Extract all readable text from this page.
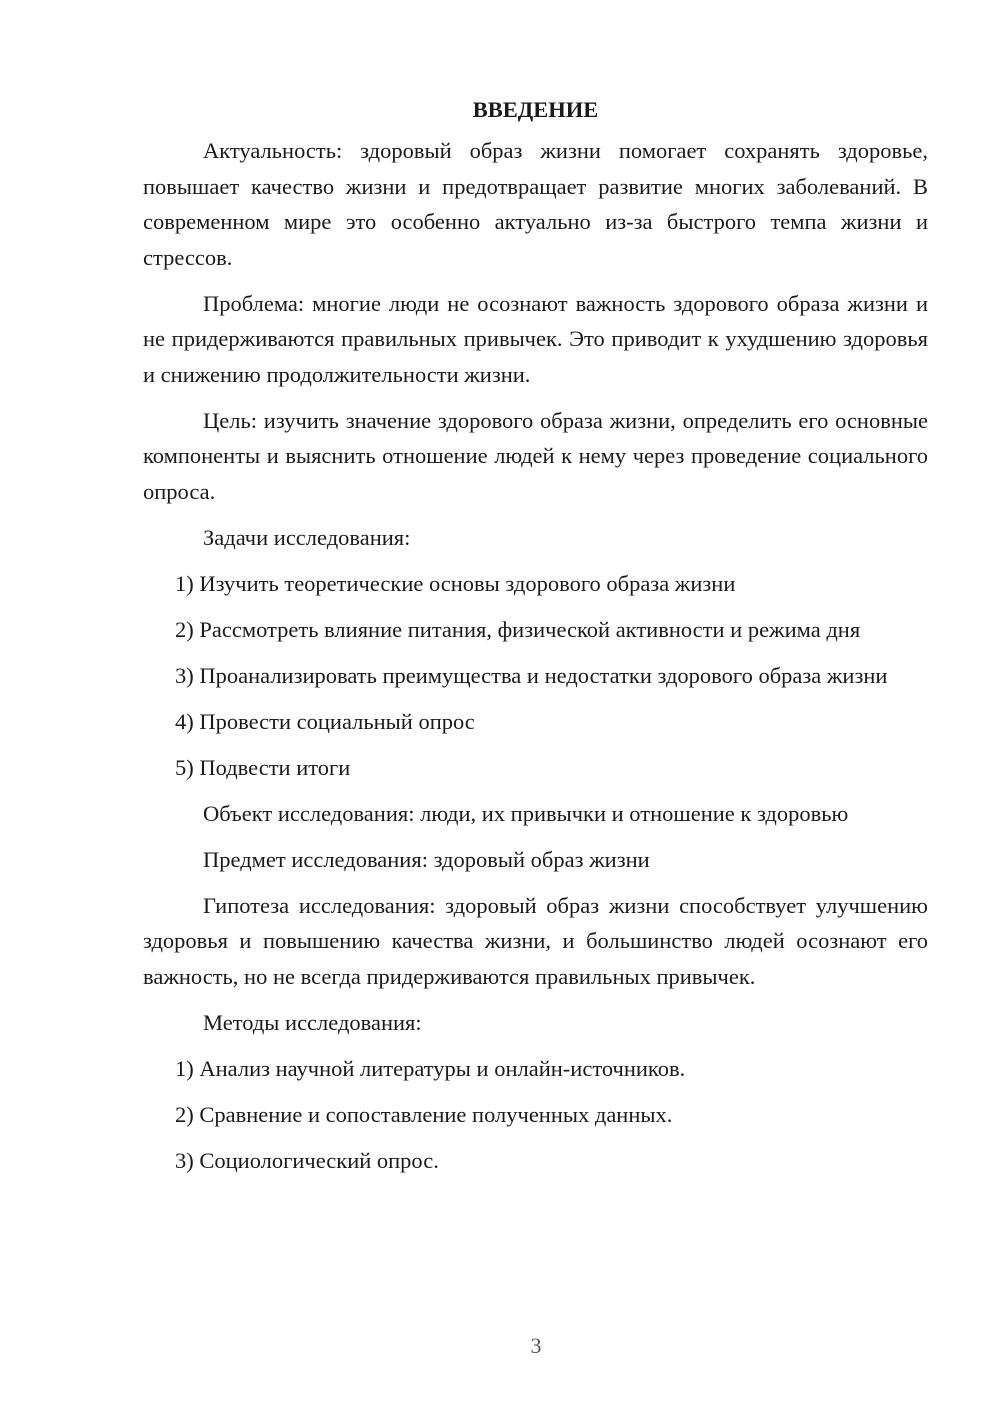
ВВЕДЕНИЕ

Актуальность: здоровый образ жизни помогает сохранять здоровье, повышает качество жизни и предотвращает развитие многих заболеваний. В современном мире это особенно актуально из-за быстрого темпа жизни и стрессов.

Проблема: многие люди не осознают важность здорового образа жизни и не придерживаются правильных привычек. Это приводит к ухудшению здоровья и снижению продолжительности жизни.

Цель: изучить значение здорового образа жизни, определить его основные компоненты и выяснить отношение людей к нему через проведение социального опроса.

Задачи исследования:

1) Изучить теоретические основы здорового образа жизни

2) Рассмотреть влияние питания, физической активности и режима дня

3) Проанализировать преимущества и недостатки здорового образа жизни

4) Провести социальный опрос

5) Подвести итоги

Объект исследования: люди, их привычки и отношение к здоровью

Предмет исследования: здоровый образ жизни

Гипотеза исследования: здоровый образ жизни способствует улучшению здоровья и повышению качества жизни, и большинство людей осознают его важность, но не всегда придерживаются правильных привычек.

Методы исследования:

1) Анализ научной литературы и онлайн-источников.

2) Сравнение и сопоставление полученных данных.

3) Социологический опрос.

3
